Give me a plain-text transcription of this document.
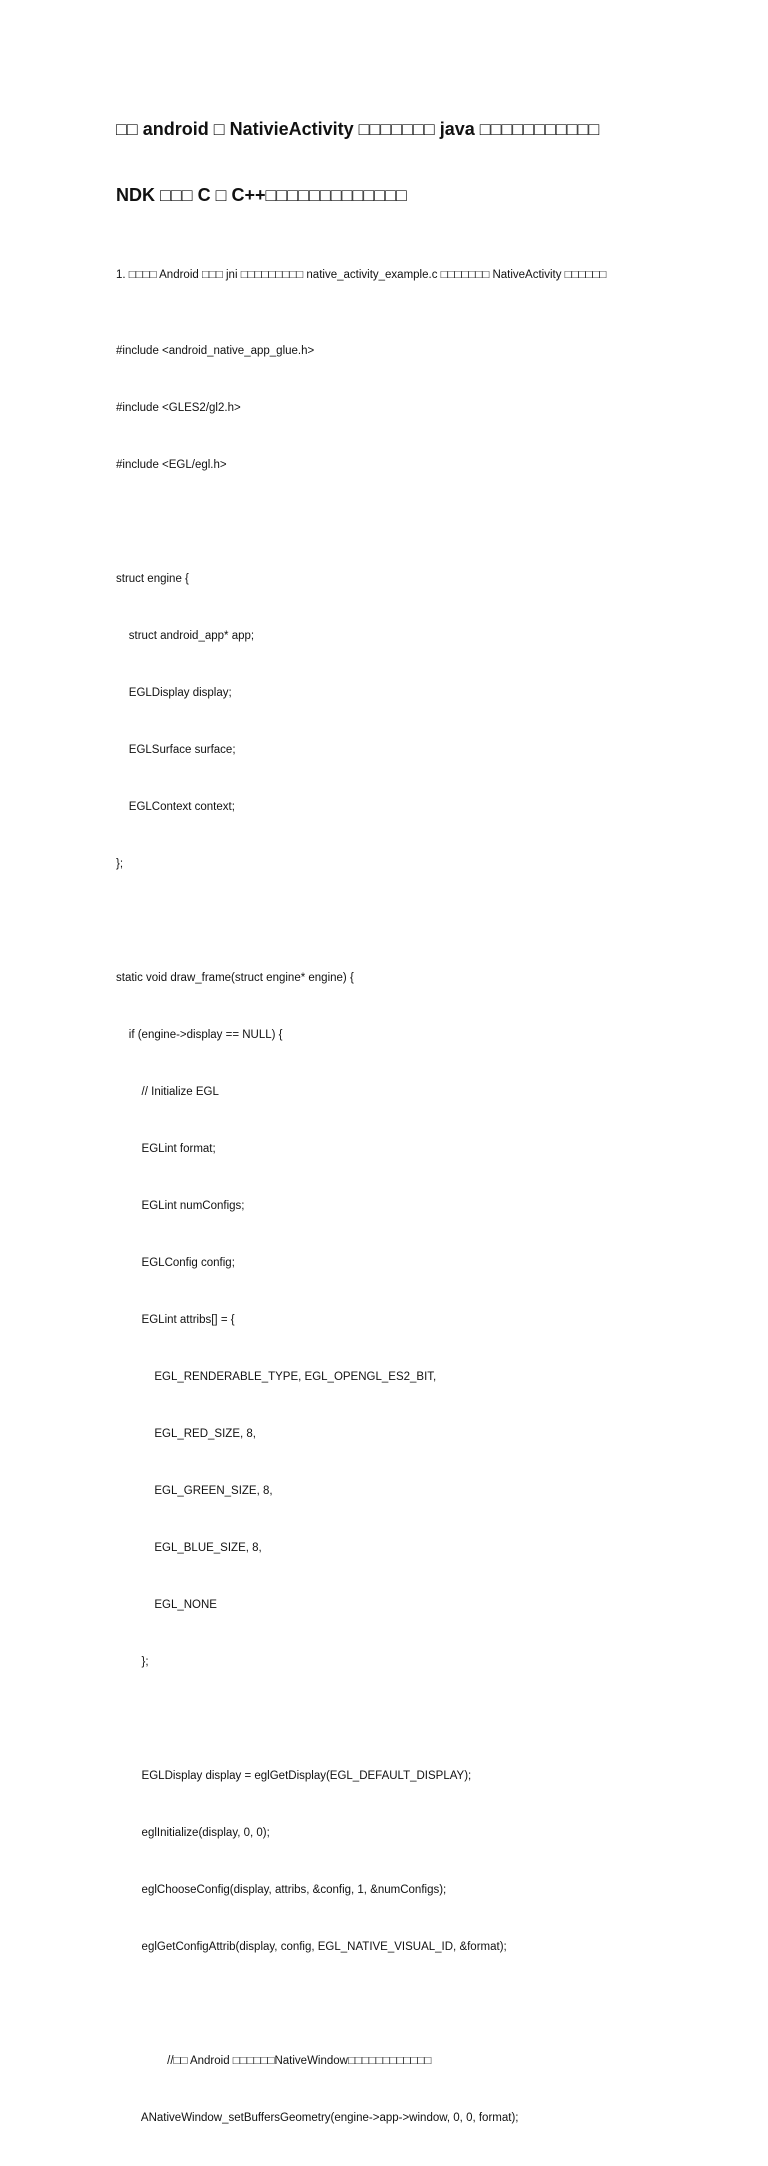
□□ android □ NativieActivity □□□□□□□ java □□□□□□□□□□□
NDK □□□ C □ C++□□□□□□□□□□□□□
1. □□□□ Android □□□ jni □□□□□□□□□ native_activity_example.c □□□□□□□ NativeActivity □□□□□□

#include <android_native_app_glue.h>

#include <GLES2/gl2.h>

#include <EGL/egl.h>

struct engine {

struct android_app* app;

EGLDisplay display;

EGLSurface surface;

EGLContext context;

};

static void draw_frame(struct engine* engine) {

if (engine->display == NULL) {

// Initialize EGL

EGLint format;

EGLint numConfigs;

EGLConfig config;

EGLint attribs[] = {

EGL_RENDERABLE_TYPE, EGL_OPENGL_ES2_BIT,

EGL_RED_SIZE, 8,

EGL_GREEN_SIZE, 8,

EGL_BLUE_SIZE, 8,

EGL_NONE

};

EGLDisplay display = eglGetDisplay(EGL_DEFAULT_DISPLAY);

eglInitialize(display, 0, 0);

eglChooseConfig(display, attribs, &config, 1, &numConfigs);

eglGetConfigAttrib(display, config, EGL_NATIVE_VISUAL_ID, &format);

//□□ Android □□□□□□NativeWindow□□□□□□□□□□□□

ANativeWindow_setBuffersGeometry(engine->app->window, 0, 0, format);
